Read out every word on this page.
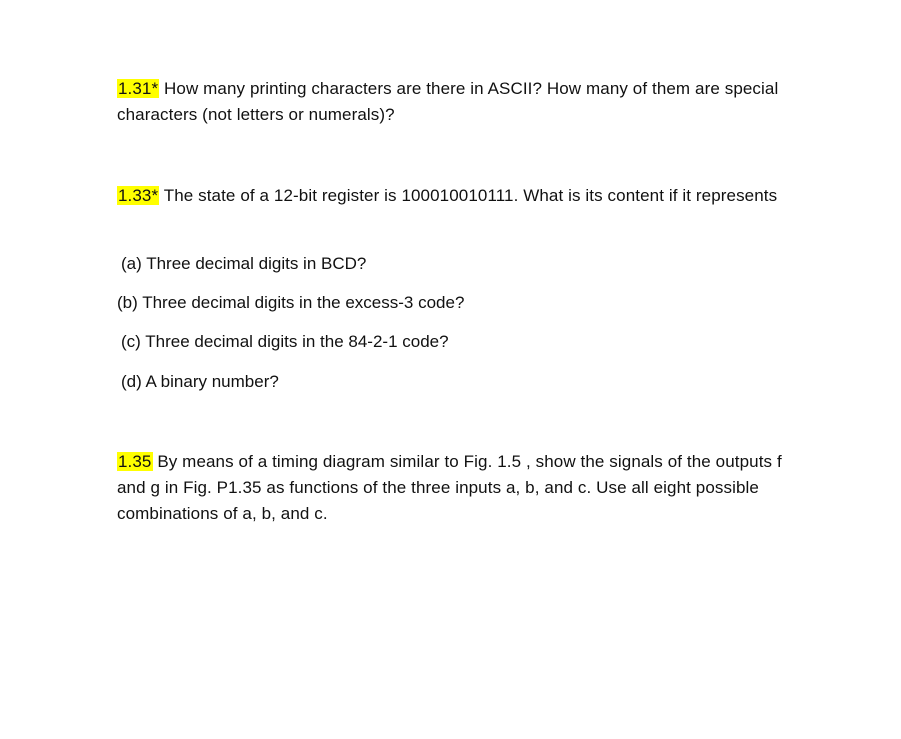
1.31* How many printing characters are there in ASCII? How many of them are special characters (not letters or numerals)?
1.33* The state of a 12-bit register is 100010010111. What is its content if it represents
(a) Three decimal digits in BCD?
(b) Three decimal digits in the excess-3 code?
(c) Three decimal digits in the 84-2-1 code?
(d) A binary number?
1.35 By means of a timing diagram similar to Fig. 1.5 , show the signals of the outputs f and g in Fig. P1.35 as functions of the three inputs a, b, and c. Use all eight possible combinations of a, b, and c.
